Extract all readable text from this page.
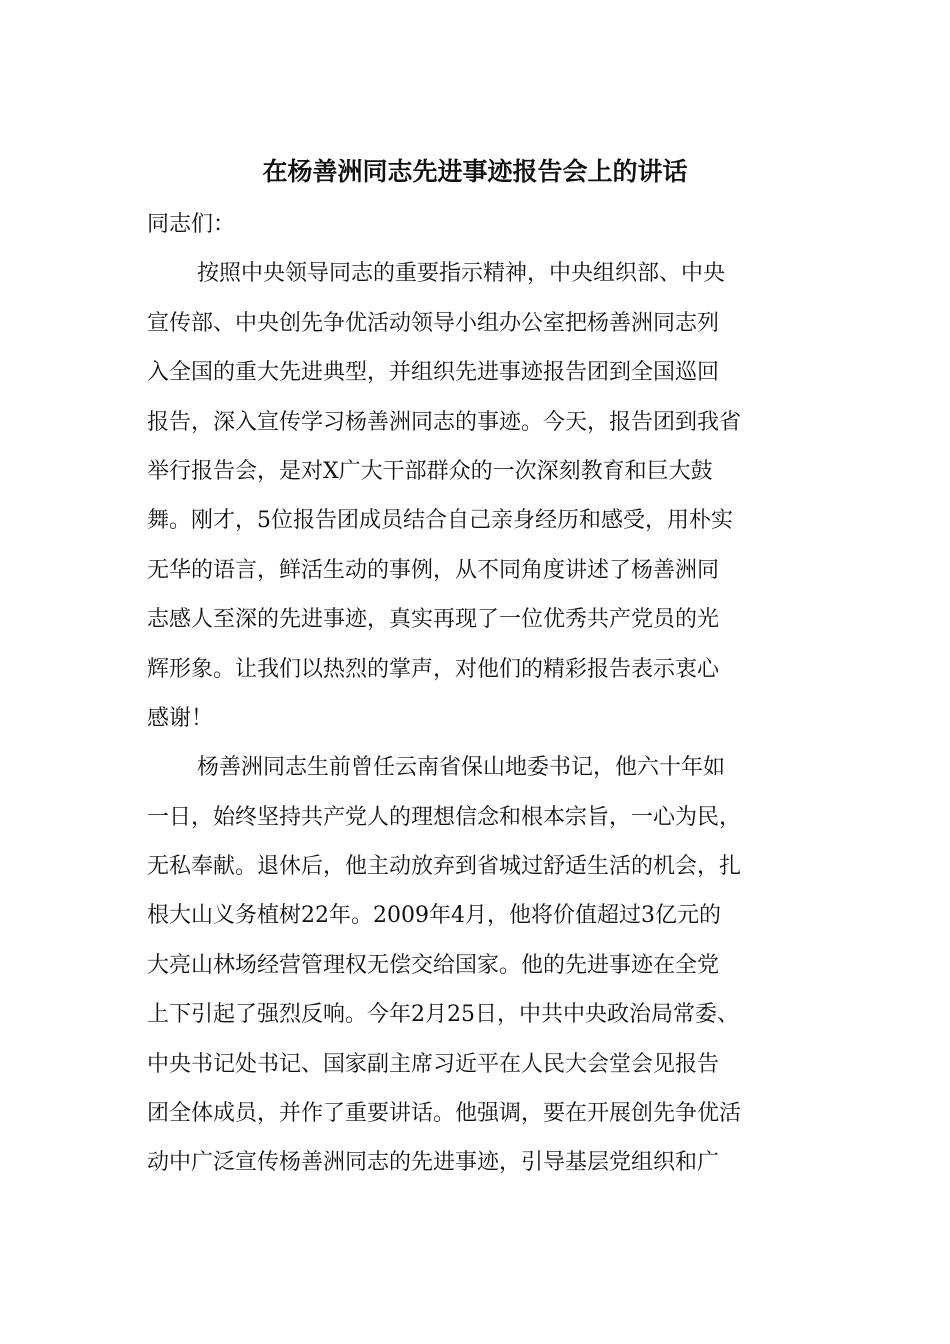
在杨善洲同志先进事迹报告会上的讲话
同志们：
按照中央领导同志的重要指示精神，中央组织部、中央
宣传部、中央创先争优活动领导小组办公室把杨善洲同志列
入全国的重大先进典型，并组织先进事迹报告团到全国巡回
报告，深入宣传学习杨善洲同志的事迹。今天，报告团到我省
举行报告会，是对X广大干部群众的一次深刻教育和巨大鼓
舞。刚才，5位报告团成员结合自己亲身经历和感受，用朴实
无华的语言，鲜活生动的事例，从不同角度讲述了杨善洲同
志感人至深的先进事迹，真实再现了一位优秀共产党员的光
辉形象。让我们以热烈的掌声，对他们的精彩报告表示衷心
感谢！
杨善洲同志生前曾任云南省保山地委书记，他六十年如
一日，始终坚持共产党人的理想信念和根本宗旨，一心为民，
无私奉献。退休后，他主动放弃到省城过舒适生活的机会，扎
根大山义务植树22年。2009年4月，他将价值超过3亿元的
大亮山林场经营管理权无偿交给国家。他的先进事迹在全党
上下引起了强烈反响。今年2月25日，中共中央政治局常委、
中央书记处书记、国家副主席习近平在人民大会堂会见报告
团全体成员，并作了重要讲话。他强调，要在开展创先争优活
动中广泛宣传杨善洲同志的先进事迹，引导基层党组织和广
